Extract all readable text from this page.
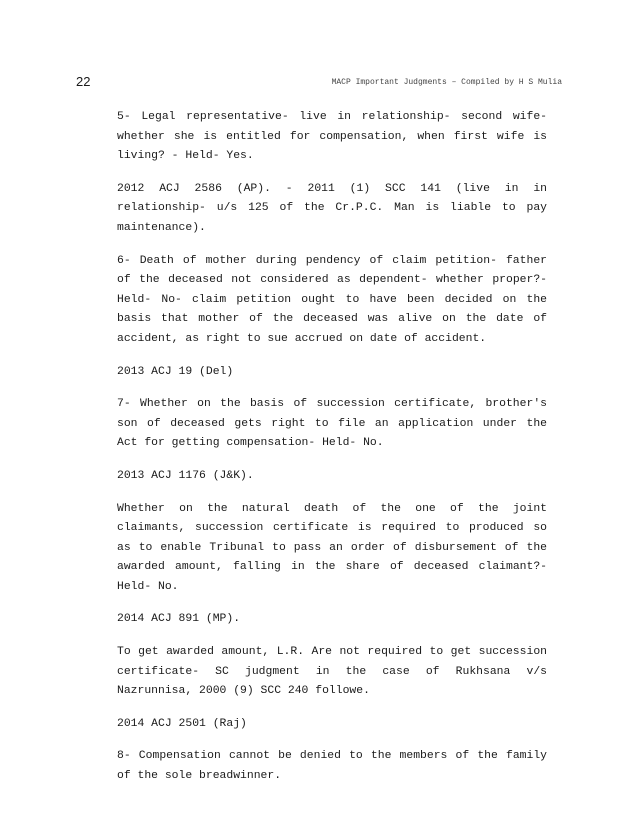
22	MACP Important Judgments – Compiled by H S Mulia

5- Legal representative- live in relationship- second wife- whether she is entitled for compensation, when first wife is living? - Held- Yes.

2012 ACJ 2586 (AP). - 2011 (1) SCC 141 (live in in relationship- u/s 125 of the Cr.P.C. Man is liable to pay maintenance).

6- Death of mother during pendency of claim petition- father of the deceased not considered as dependent- whether proper?- Held- No- claim petition ought to have been decided on the basis that mother of the deceased was alive on the date of accident, as right to sue accrued on date of accident.

2013 ACJ 19 (Del)

7- Whether on the basis of succession certificate, brother's son of deceased gets right to file an application under the Act for getting compensation- Held- No.

2013 ACJ 1176 (J&K).

Whether on the natural death of the one of the joint claimants, succession certificate is required to produced so as to enable Tribunal to pass an order of disbursement of the awarded amount, falling in the share of deceased claimant?- Held- No.

2014 ACJ 891 (MP).

To get awarded amount, L.R. Are not required to get succession certificate- SC judgment in the case of Rukhsana v/s Nazrunnisa, 2000 (9) SCC 240 followe.

2014 ACJ 2501 (Raj)

8- Compensation cannot be denied to the members of the family of the sole breadwinner.
